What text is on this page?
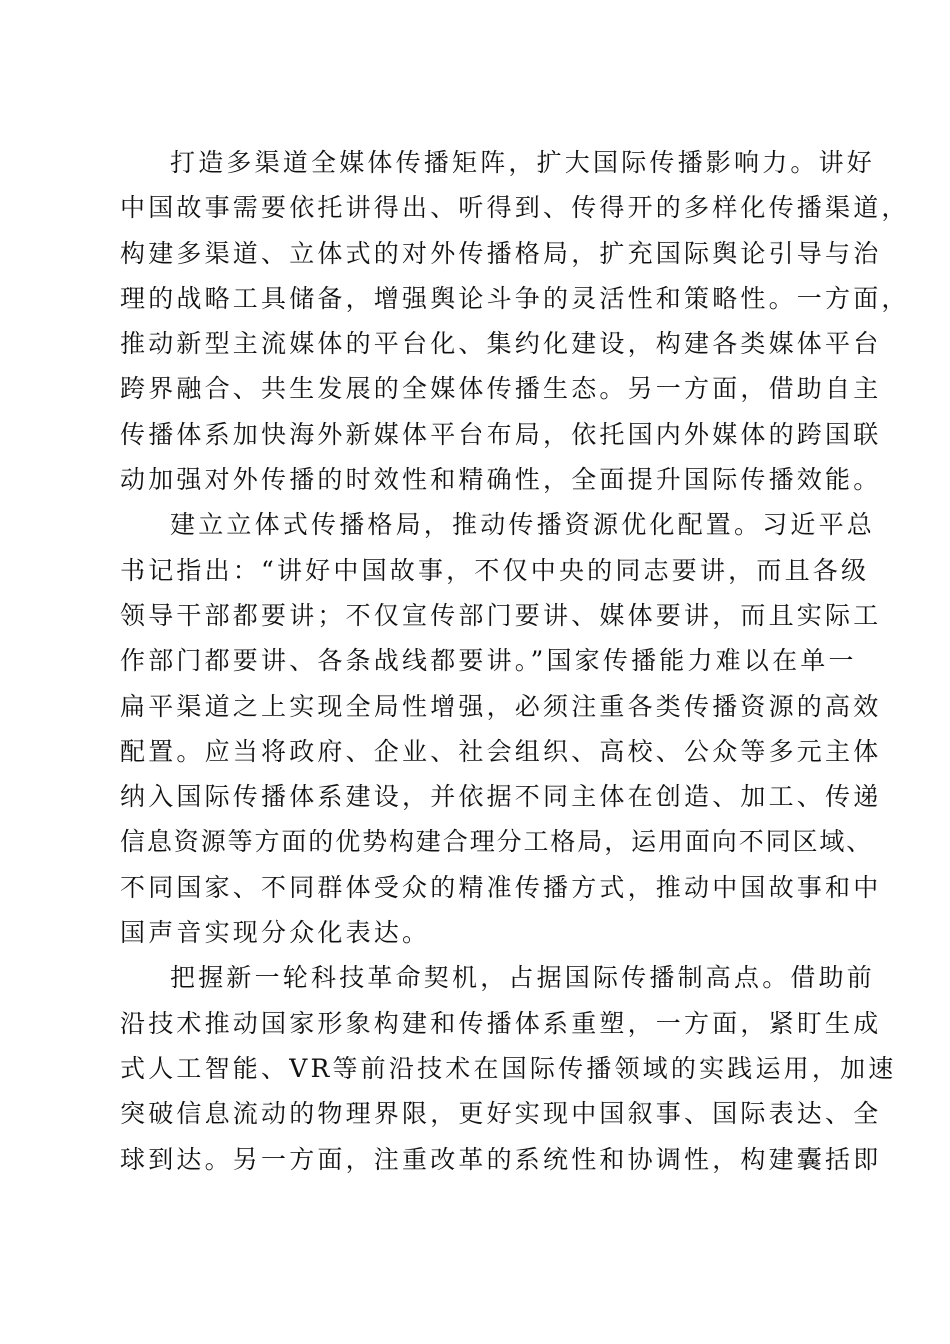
打造多渠道全媒体传播矩阵，扩大国际传播影响力。讲好
中国故事需要依托讲得出、听得到、传得开的多样化传播渠道，
构建多渠道、立体式的对外传播格局，扩充国际舆论引导与治
理的战略工具储备，增强舆论斗争的灵活性和策略性。一方面，
推动新型主流媒体的平台化、集约化建设，构建各类媒体平台
跨界融合、共生发展的全媒体传播生态。另一方面，借助自主
传播体系加快海外新媒体平台布局，依托国内外媒体的跨国联
动加强对外传播的时效性和精确性，全面提升国际传播效能。
建立立体式传播格局，推动传播资源优化配置。习近平总
书记指出：“讲好中国故事，不仅中央的同志要讲，而且各级
领导干部都要讲；不仅宣传部门要讲、媒体要讲，而且实际工
作部门都要讲、各条战线都要讲。”国家传播能力难以在单一
扁平渠道之上实现全局性增强，必须注重各类传播资源的高效
配置。应当将政府、企业、社会组织、高校、公众等多元主体
纳入国际传播体系建设，并依据不同主体在创造、加工、传递
信息资源等方面的优势构建合理分工格局，运用面向不同区域、
不同国家、不同群体受众的精准传播方式，推动中国故事和中
国声音实现分众化表达。
把握新一轮科技革命契机，占据国际传播制高点。借助前
沿技术推动国家形象构建和传播体系重塑，一方面，紧盯生成
式人工智能、VR等前沿技术在国际传播领域的实践运用，加速
突破信息流动的物理界限，更好实现中国叙事、国际表达、全
球到达。另一方面，注重改革的系统性和协调性，构建囊括即
